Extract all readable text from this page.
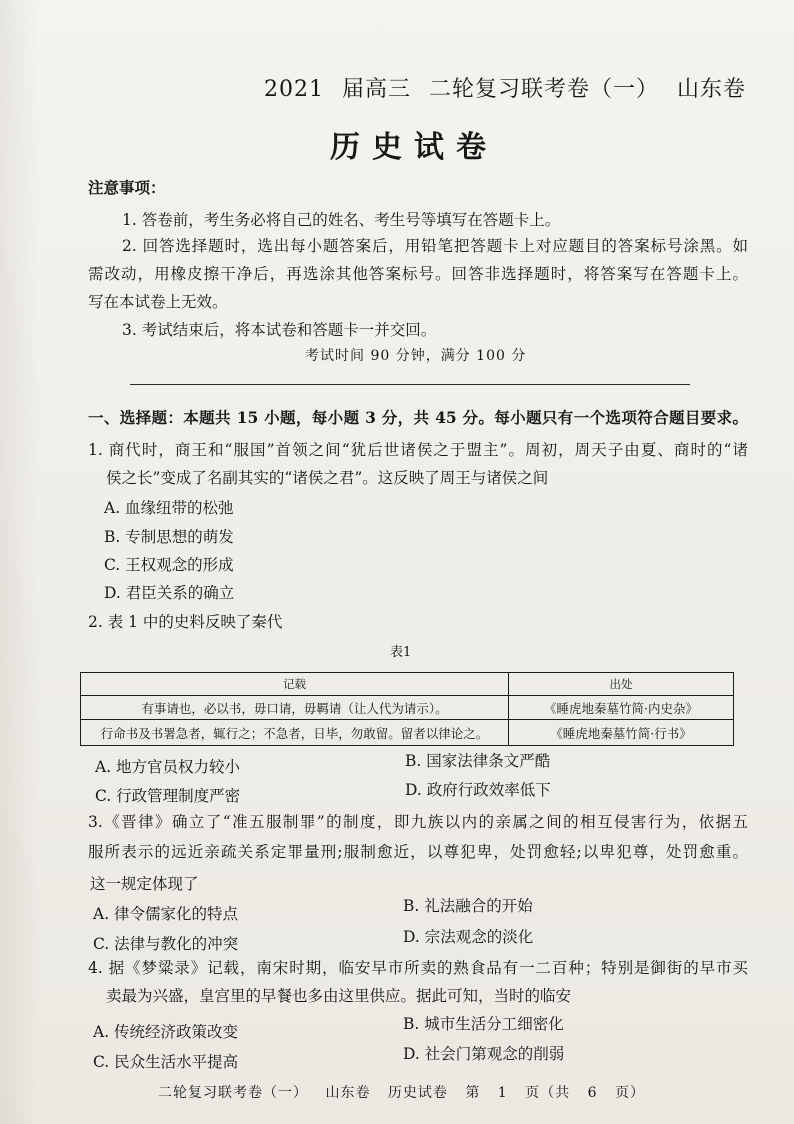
2021 届高三 二轮复习联考卷（一） 山东卷
历史试卷
注意事项：
1. 答卷前，考生务必将自己的姓名、考生号等填写在答题卡上。
2. 回答选择题时，选出每小题答案后，用铅笔把答题卡上对应题目的答案标号涂黑。如
需改动，用橡皮擦干净后，再选涂其他答案标号。回答非选择题时，将答案写在答题卡上。
写在本试卷上无效。
3. 考试结束后，将本试卷和答题卡一并交回。
考试时间 90 分钟，满分 100 分
一、选择题：本题共 15 小题，每小题 3 分，共 45 分。每小题只有一个选项符合题目要求。
1. 商代时，商王和“服国”首领之间“犹后世诸侯之于盟主”。周初，周天子由夏、商时的“诸
侯之长”变成了名副其实的“诸侯之君”。这反映了周王与诸侯之间
A. 血缘纽带的松弛
B. 专制思想的萌发
C. 王权观念的形成
D. 君臣关系的确立
2. 表 1 中的史料反映了秦代
表1
记载	出处
有事请也，必以书，毋口请，毋羁请（让人代为请示）。	《睡虎地秦墓竹简·内史杂》
行命书及书署急者，辄行之；不急者，日毕，勿敢留。留者以律论之。	《睡虎地秦墓竹简·行书》
A. 地方官员权力较小	B. 国家法律条文严酷
C. 行政管理制度严密	D. 政府行政效率低下
3.《晋律》确立了“准五服制罪”的制度，即九族以内的亲属之间的相互侵害行为，依据五
服所表示的远近亲疏关系定罪量刑;服制愈近，以尊犯卑，处罚愈轻;以卑犯尊，处罚愈重。
这一规定体现了
A. 律令儒家化的特点	B. 礼法融合的开始
C. 法律与教化的冲突	D. 宗法观念的淡化
4. 据《梦粱录》记载，南宋时期，临安早市所卖的熟食品有一二百种；特别是御街的早市买
卖最为兴盛，皇宫里的早餐也多由这里供应。据此可知，当时的临安
A. 传统经济政策改变	B. 城市生活分工细密化
C. 民众生活水平提高	D. 社会门第观念的削弱
二轮复习联考卷（一） 山东卷 历史试卷 第 1 页（共 6 页）
